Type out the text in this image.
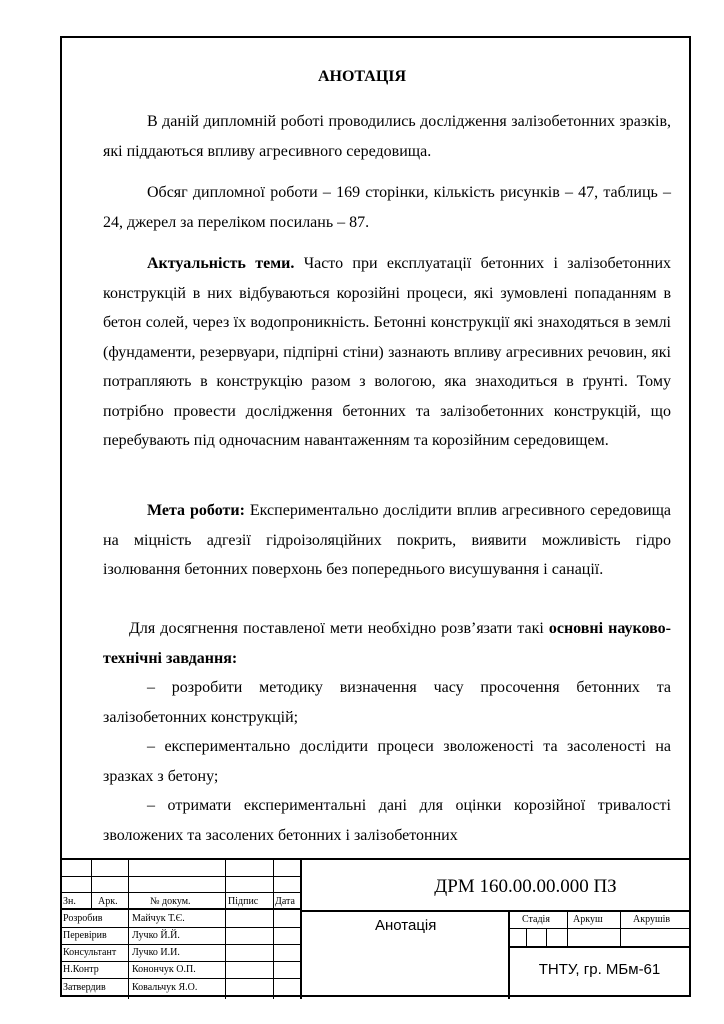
АНОТАЦІЯ

В даній дипломній роботі проводились дослідження залізобетонних зразків, які піддаються впливу агресивного середовища.

Обсяг дипломної роботи – 169 сторінки, кількість рисунків – 47, таблиць – 24, джерел за переліком посилань – 87.

Актуальність теми. Часто при експлуатації бетонних і залізобетонних конструкцій в них відбуваються корозійні процеси, які зумовлені попаданням в бетон солей, через їх водопроникність. Бетонні конструкції які знаходяться в землі (фундаменти, резервуари, підпірні стіни) зазнають впливу агресивних речовин, які потрапляють в конструкцію разом з вологою, яка знаходиться в ґрунті. Тому потрібно провести дослідження бетонних та залізобетонних конструкцій, що перебувають під одночасним навантаженням та корозійним середовищем.

Мета роботи: Експериментально дослідити вплив агресивного середовища на міцність адгезії гідроізоляційних покрить, виявити можливість гідро ізолювання бетонних поверхонь без попереднього висушування і санації.

Для досягнення поставленої мети необхідно розв’язати такі основні науково-технічні завдання:

– розробити методику визначення часу просочення бетонних та залізобетонних конструкцій;

– експериментально дослідити процеси зволоженості та засоленості на зразках з бетону;

– отримати експериментальні дані для оцінки корозійної тривалості зволожених та засолених бетонних і залізобетонних

Зн. Арк.	№ докум.	Підпис Дата
Розробив	Майчук Т.Є.
Перевірив	Лучко Й.Й.
Консультант Лучко И.И.
Н.Контр	Конончук О.П.
Затвердив	Ковальчук Я.О.
ДРМ 160.00.00.000 ПЗ
Анотація	Стадія Аркуш	Акрушів
ТНТУ, гр. МБм-61
